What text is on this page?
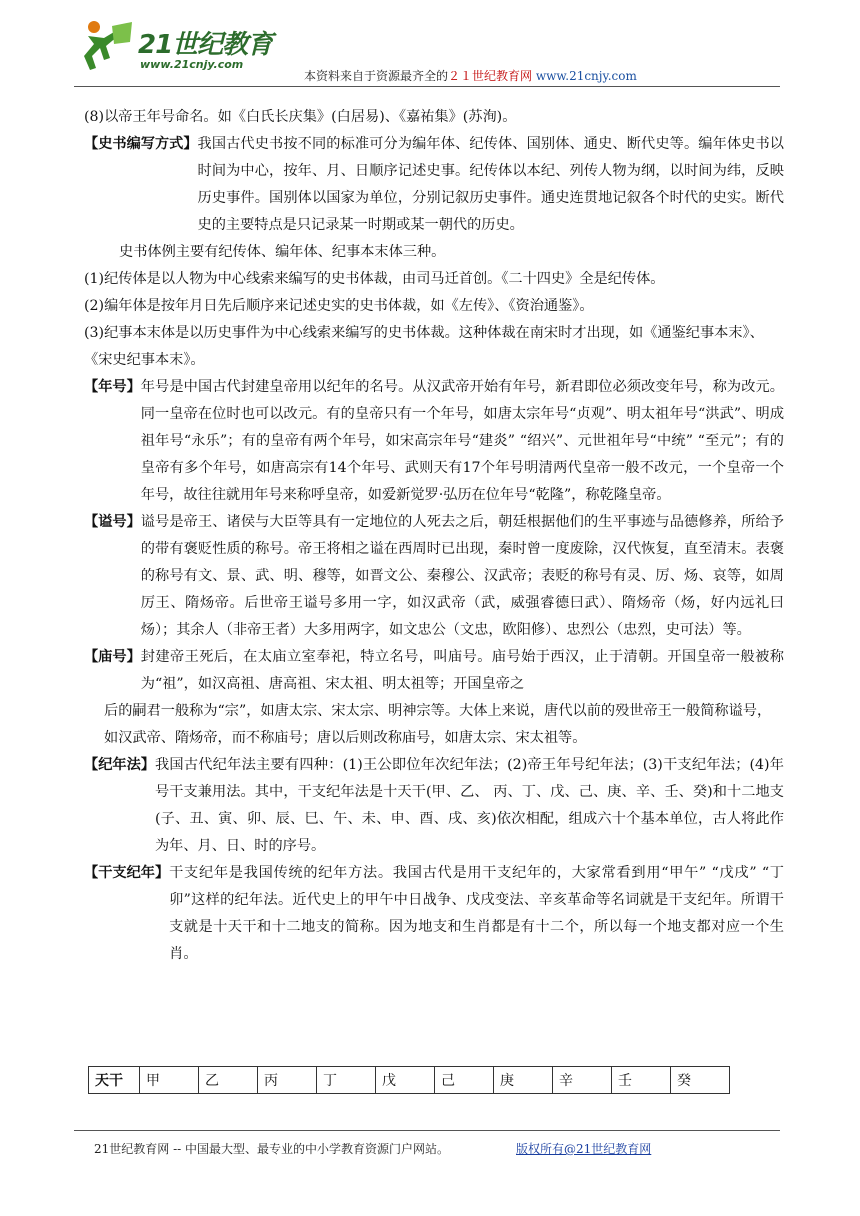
21世纪教育
www.21cnjy.com
本资料来自于资源最齐全的２１世纪教育网 www.21cnjy.com

(8)以帝王年号命名。如《白氏长庆集》(白居易)、《嘉祐集》(苏洵)。

【史书编写方式】 我国古代史书按不同的标准可分为编年体、纪传体、国别体、通史、断代史等。编年体史书以时间为中心，按年、月、日顺序记述史事。纪传体以本纪、列传人物为纲，以时间为纬，反映历史事件。国别体以国家为单位，分别记叙历史事件。通史连贯地记叙各个时代的史实。断代史的主要特点是只记录某一时期或某一朝代的历史。

史书体例主要有纪传体、编年体、纪事本末体三种。

(1)纪传体是以人物为中心线索来编写的史书体裁，由司马迁首创。《二十四史》全是纪传体。

(2)编年体是按年月日先后顺序来记述史实的史书体裁，如《左传》、《资治通鉴》。

(3)纪事本末体是以历史事件为中心线索来编写的史书体裁。这种体裁在南宋时才出现，如《通鉴纪事本末》、《宋史纪事本末》。

【年号】 年号是中国古代封建皇帝用以纪年的名号。从汉武帝开始有年号，新君即位必须改变年号，称为改元。同一皇帝在位时也可以改元。有的皇帝只有一个年号，如唐太宗年号“贞观”、明太祖年号“洪武”、明成祖年号“永乐”；有的皇帝有两个年号，如宋高宗年号“建炎” “绍兴”、元世祖年号“中统” “至元”；有的皇帝有多个年号，如唐高宗有14个年号、武则天有17个年号明清两代皇帝一般不改元，一个皇帝一个年号，故往往就用年号来称呼皇帝，如爱新觉罗·弘历在位年号“乾隆”，称乾隆皇帝。
【谥号】 谥号是帝王、诸侯与大臣等具有一定地位的人死去之后，朝廷根据他们的生平事迹与品德修养，所给予的带有褒贬性质的称号。帝王将相之谥在西周时已出现，秦时曾一度废除，汉代恢复，直至清末。表褒的称号有文、景、武、明、穆等，如晋文公、秦穆公、汉武帝；表贬的称号有灵、厉、炀、哀等，如周厉王、隋炀帝。后世帝王谥号多用一字，如汉武帝（武，威强睿德曰武）、隋炀帝（炀，好内远礼曰炀）；其余人（非帝王者）大多用两字，如文忠公（文忠，欧阳修）、忠烈公（忠烈，史可法）等。
【庙号】 封建帝王死后，在太庙立室奉祀，特立名号，叫庙号。庙号始于西汉，止于清朝。开国皇帝一般被称为“祖”，如汉高祖、唐高祖、宋太祖、明太祖等；开国皇帝之

后的嗣君一般称为“宗”，如唐太宗、宋太宗、明神宗等。大体上来说，唐代以前的殁世帝王一般简称谥号，如汉武帝、隋炀帝，而不称庙号；唐以后则改称庙号，如唐太宗、宋太祖等。

【纪年法】 我国古代纪年法主要有四种：(1)王公即位年次纪年法；(2)帝王年号纪年法；(3)干支纪年法；(4)年号干支兼用法。其中，干支纪年法是十天干(甲、乙、 丙、丁、戊、己、庚、辛、壬、癸)和十二地支(子、丑、寅、卯、辰、巳、午、未、申、酉、戌、亥)依次相配，组成六十个基本单位，古人将此作为年、月、日、时的序号。
【干支纪年】 干支纪年是我国传统的纪年方法。我国古代是用干支纪年的，大家常看到用“甲午” “戊戌” “丁卯”这样的纪年法。近代史上的甲午中日战争、戊戌变法、辛亥革命等名词就是干支纪年。所谓干支就是十天干和十二地支的简称。因为地支和生肖都是有十二个，所以每一个地支都对应一个生肖。
天干	甲	乙	丙	丁	戊	己	庚	辛	壬	癸
21世纪教育网 -- 中国最大型、最专业的中小学教育资源门户网站。	版权所有@21世纪教育网
